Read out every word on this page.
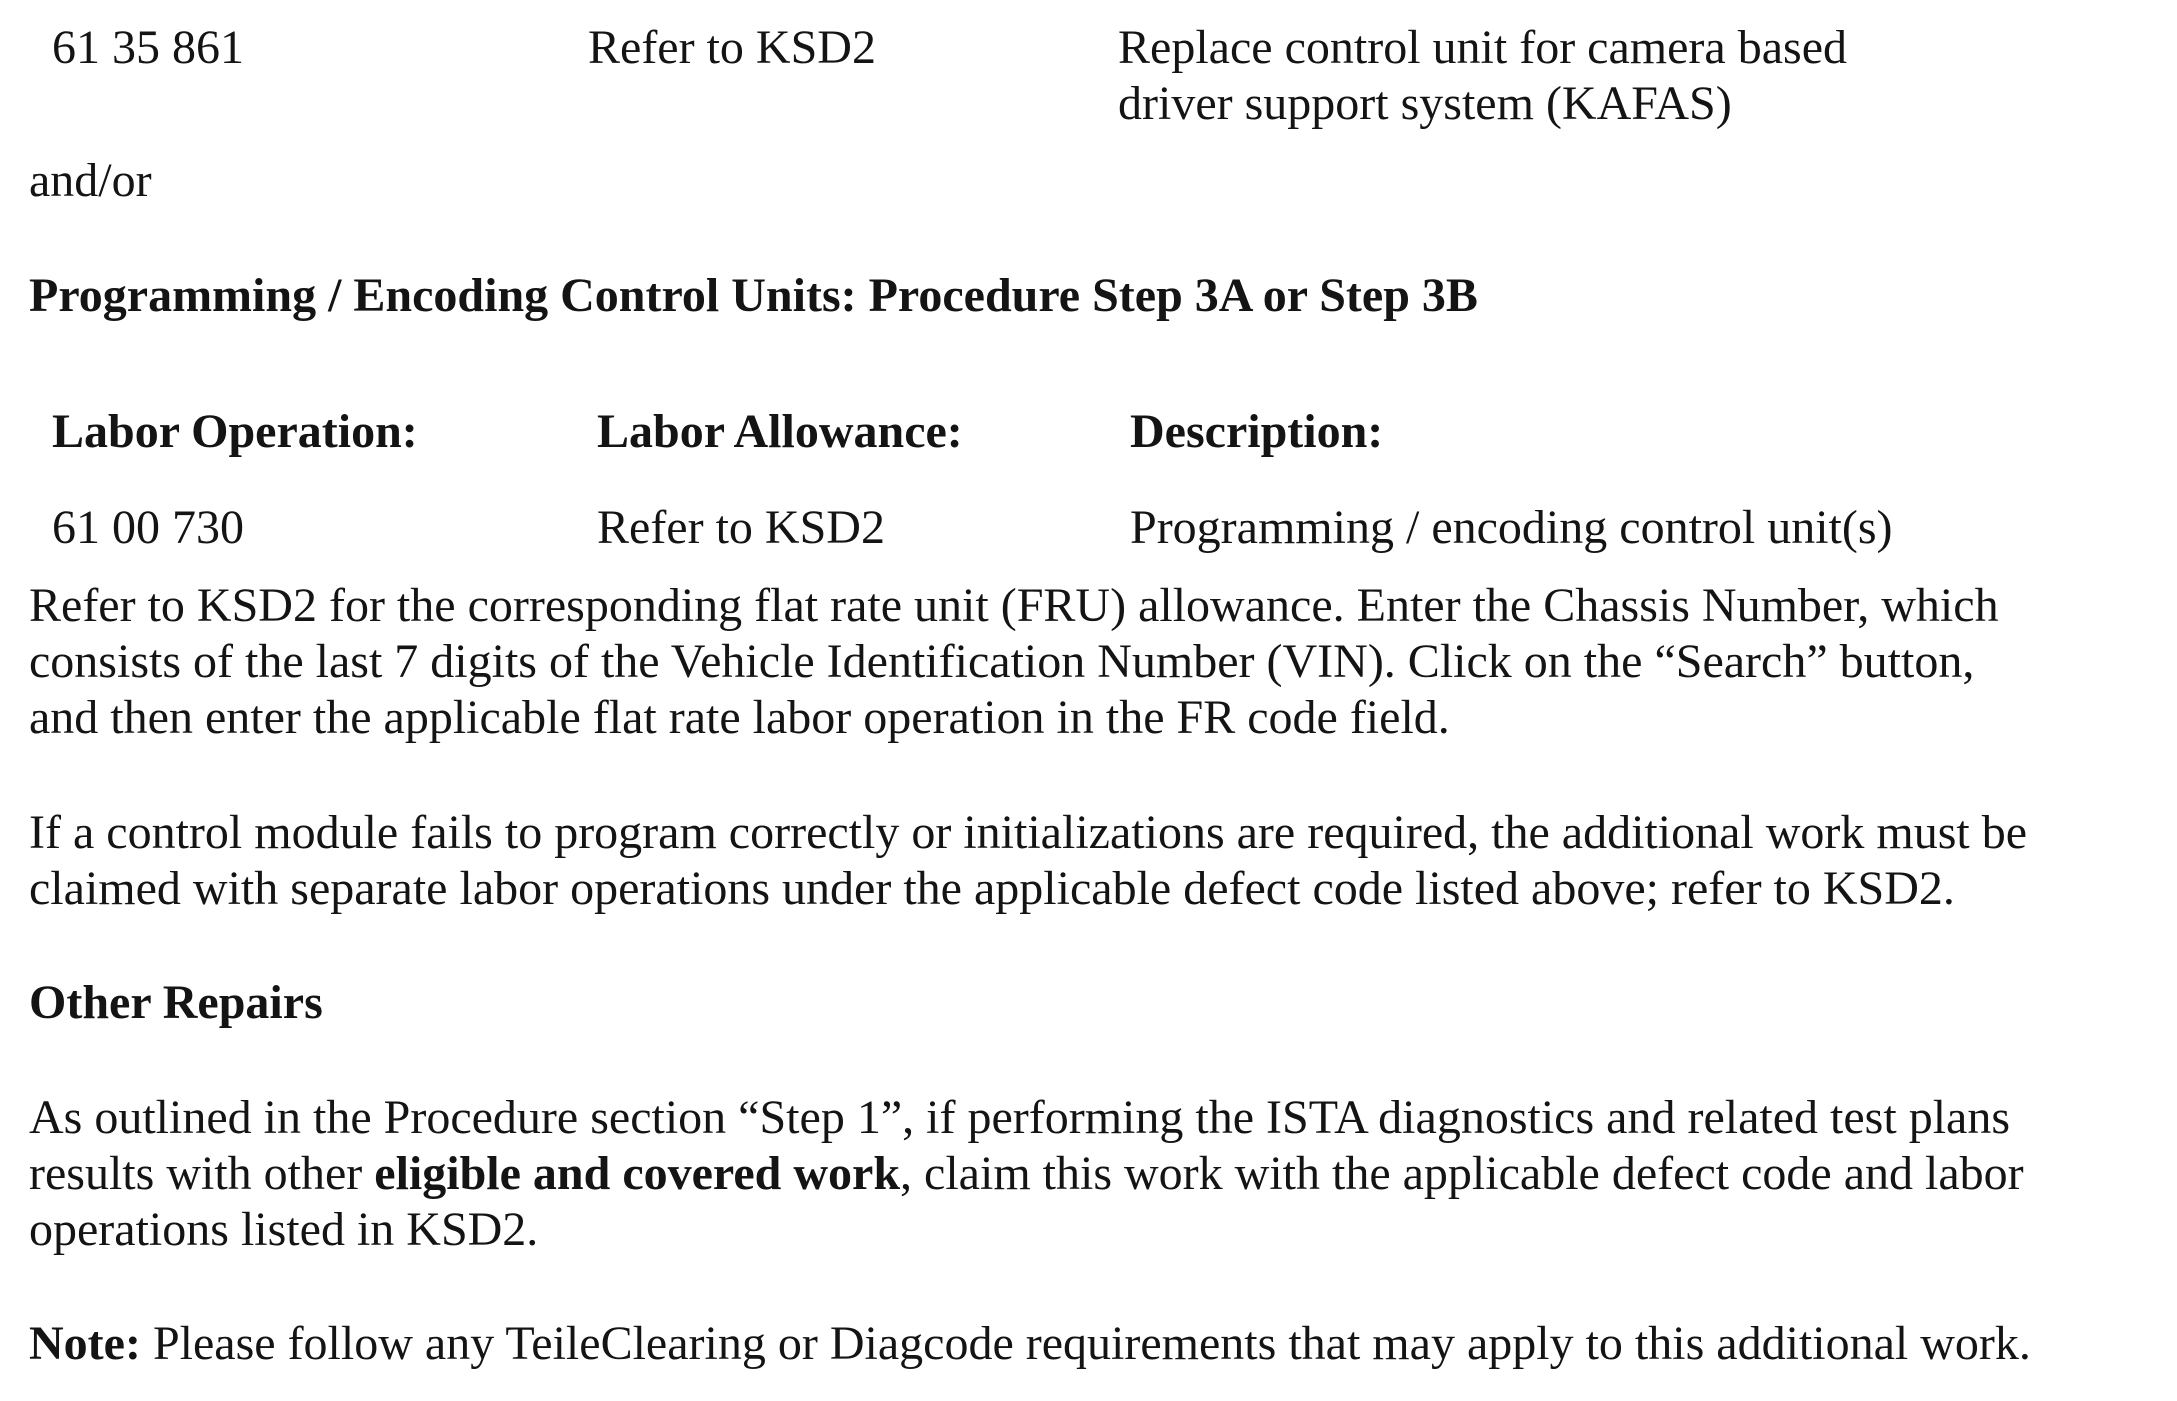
61 35 861	Refer to KSD2	Replace control unit for camera based
driver support system (KAFAS)
and/or
Programming / Encoding Control Units: Procedure Step 3A or Step 3B
Labor Operation:	Labor Allowance:	Description:
61 00 730	Refer to KSD2	Programming / encoding control unit(s)
Refer to KSD2 for the corresponding flat rate unit (FRU) allowance. Enter the Chassis Number, which
consists of the last 7 digits of the Vehicle Identification Number (VIN). Click on the “Search” button,
and then enter the applicable flat rate labor operation in the FR code field.
If a control module fails to program correctly or initializations are required, the additional work must be
claimed with separate labor operations under the applicable defect code listed above; refer to KSD2.
Other Repairs
As outlined in the Procedure section “Step 1”, if performing the ISTA diagnostics and related test plans
results with other eligible and covered work, claim this work with the applicable defect code and labor
operations listed in KSD2.
Note: Please follow any TeileClearing or Diagcode requirements that may apply to this additional work.
